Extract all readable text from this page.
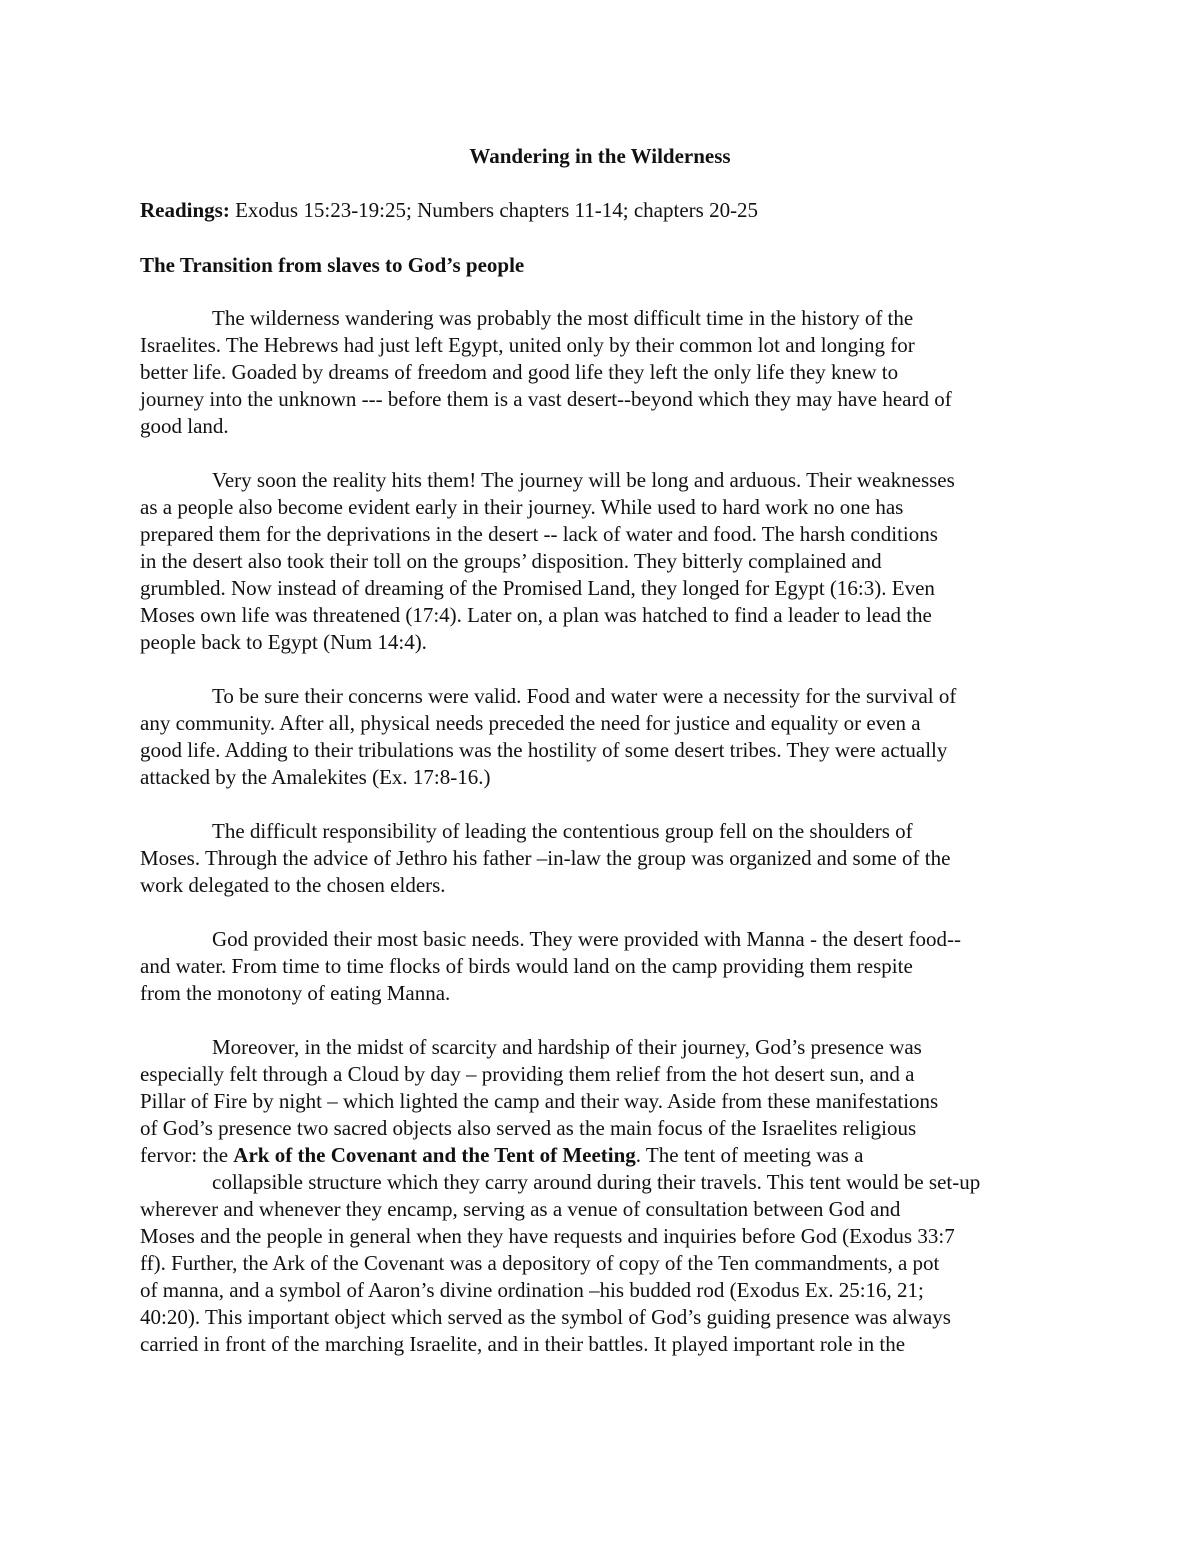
Wandering in the Wilderness
Readings: Exodus 15:23-19:25; Numbers chapters 11-14; chapters 20-25
The Transition from slaves to God’s people
The wilderness wandering was probably the most difficult time in the history of the
Israelites. The Hebrews had just left Egypt, united only by their common lot and longing for
better life. Goaded by dreams of freedom and good life they left the only life they knew to
journey into the unknown --- before them is a vast desert--beyond which they may have heard of
good land.
Very soon the reality hits them! The journey will be long and arduous. Their weaknesses
as a people also become evident early in their journey. While used to hard work no one has
prepared them for the deprivations in the desert -- lack of water and food. The harsh conditions
in the desert also took their toll on the groups’ disposition. They bitterly complained and
grumbled. Now instead of dreaming of the Promised Land, they longed for Egypt (16:3). Even
Moses own life was threatened (17:4). Later on, a plan was hatched to find a leader to lead the
people back to Egypt (Num 14:4).
To be sure their concerns were valid. Food and water were a necessity for the survival of
any community. After all, physical needs preceded the need for justice and equality or even a
good life. Adding to their tribulations was the hostility of some desert tribes. They were actually
attacked by the Amalekites (Ex. 17:8-16.)
The difficult responsibility of leading the contentious group fell on the shoulders of
Moses. Through the advice of Jethro his father –in-law the group was organized and some of the
work delegated to the chosen elders.
God provided their most basic needs. They were provided with Manna - the desert food--
and water. From time to time flocks of birds would land on the camp providing them respite
from the monotony of eating Manna.
Moreover, in the midst of scarcity and hardship of their journey, God’s presence was
especially felt through a Cloud by day – providing them relief from the hot desert sun, and a
Pillar of Fire by night – which lighted the camp and their way. Aside from these manifestations
of God’s presence two sacred objects also served as the main focus of the Israelites religious
fervor: the Ark of the Covenant and the Tent of Meeting. The tent of meeting was a
collapsible structure which they carry around during their travels. This tent would be set-up
wherever and whenever they encamp, serving as a venue of consultation between God and
Moses and the people in general when they have requests and inquiries before God (Exodus 33:7
ff). Further, the Ark of the Covenant was a depository of copy of the Ten commandments, a pot
of manna, and a symbol of Aaron’s divine ordination –his budded rod (Exodus Ex. 25:16, 21;
40:20). This important object which served as the symbol of God’s guiding presence was always
carried in front of the marching Israelite, and in their battles. It played important role in the
